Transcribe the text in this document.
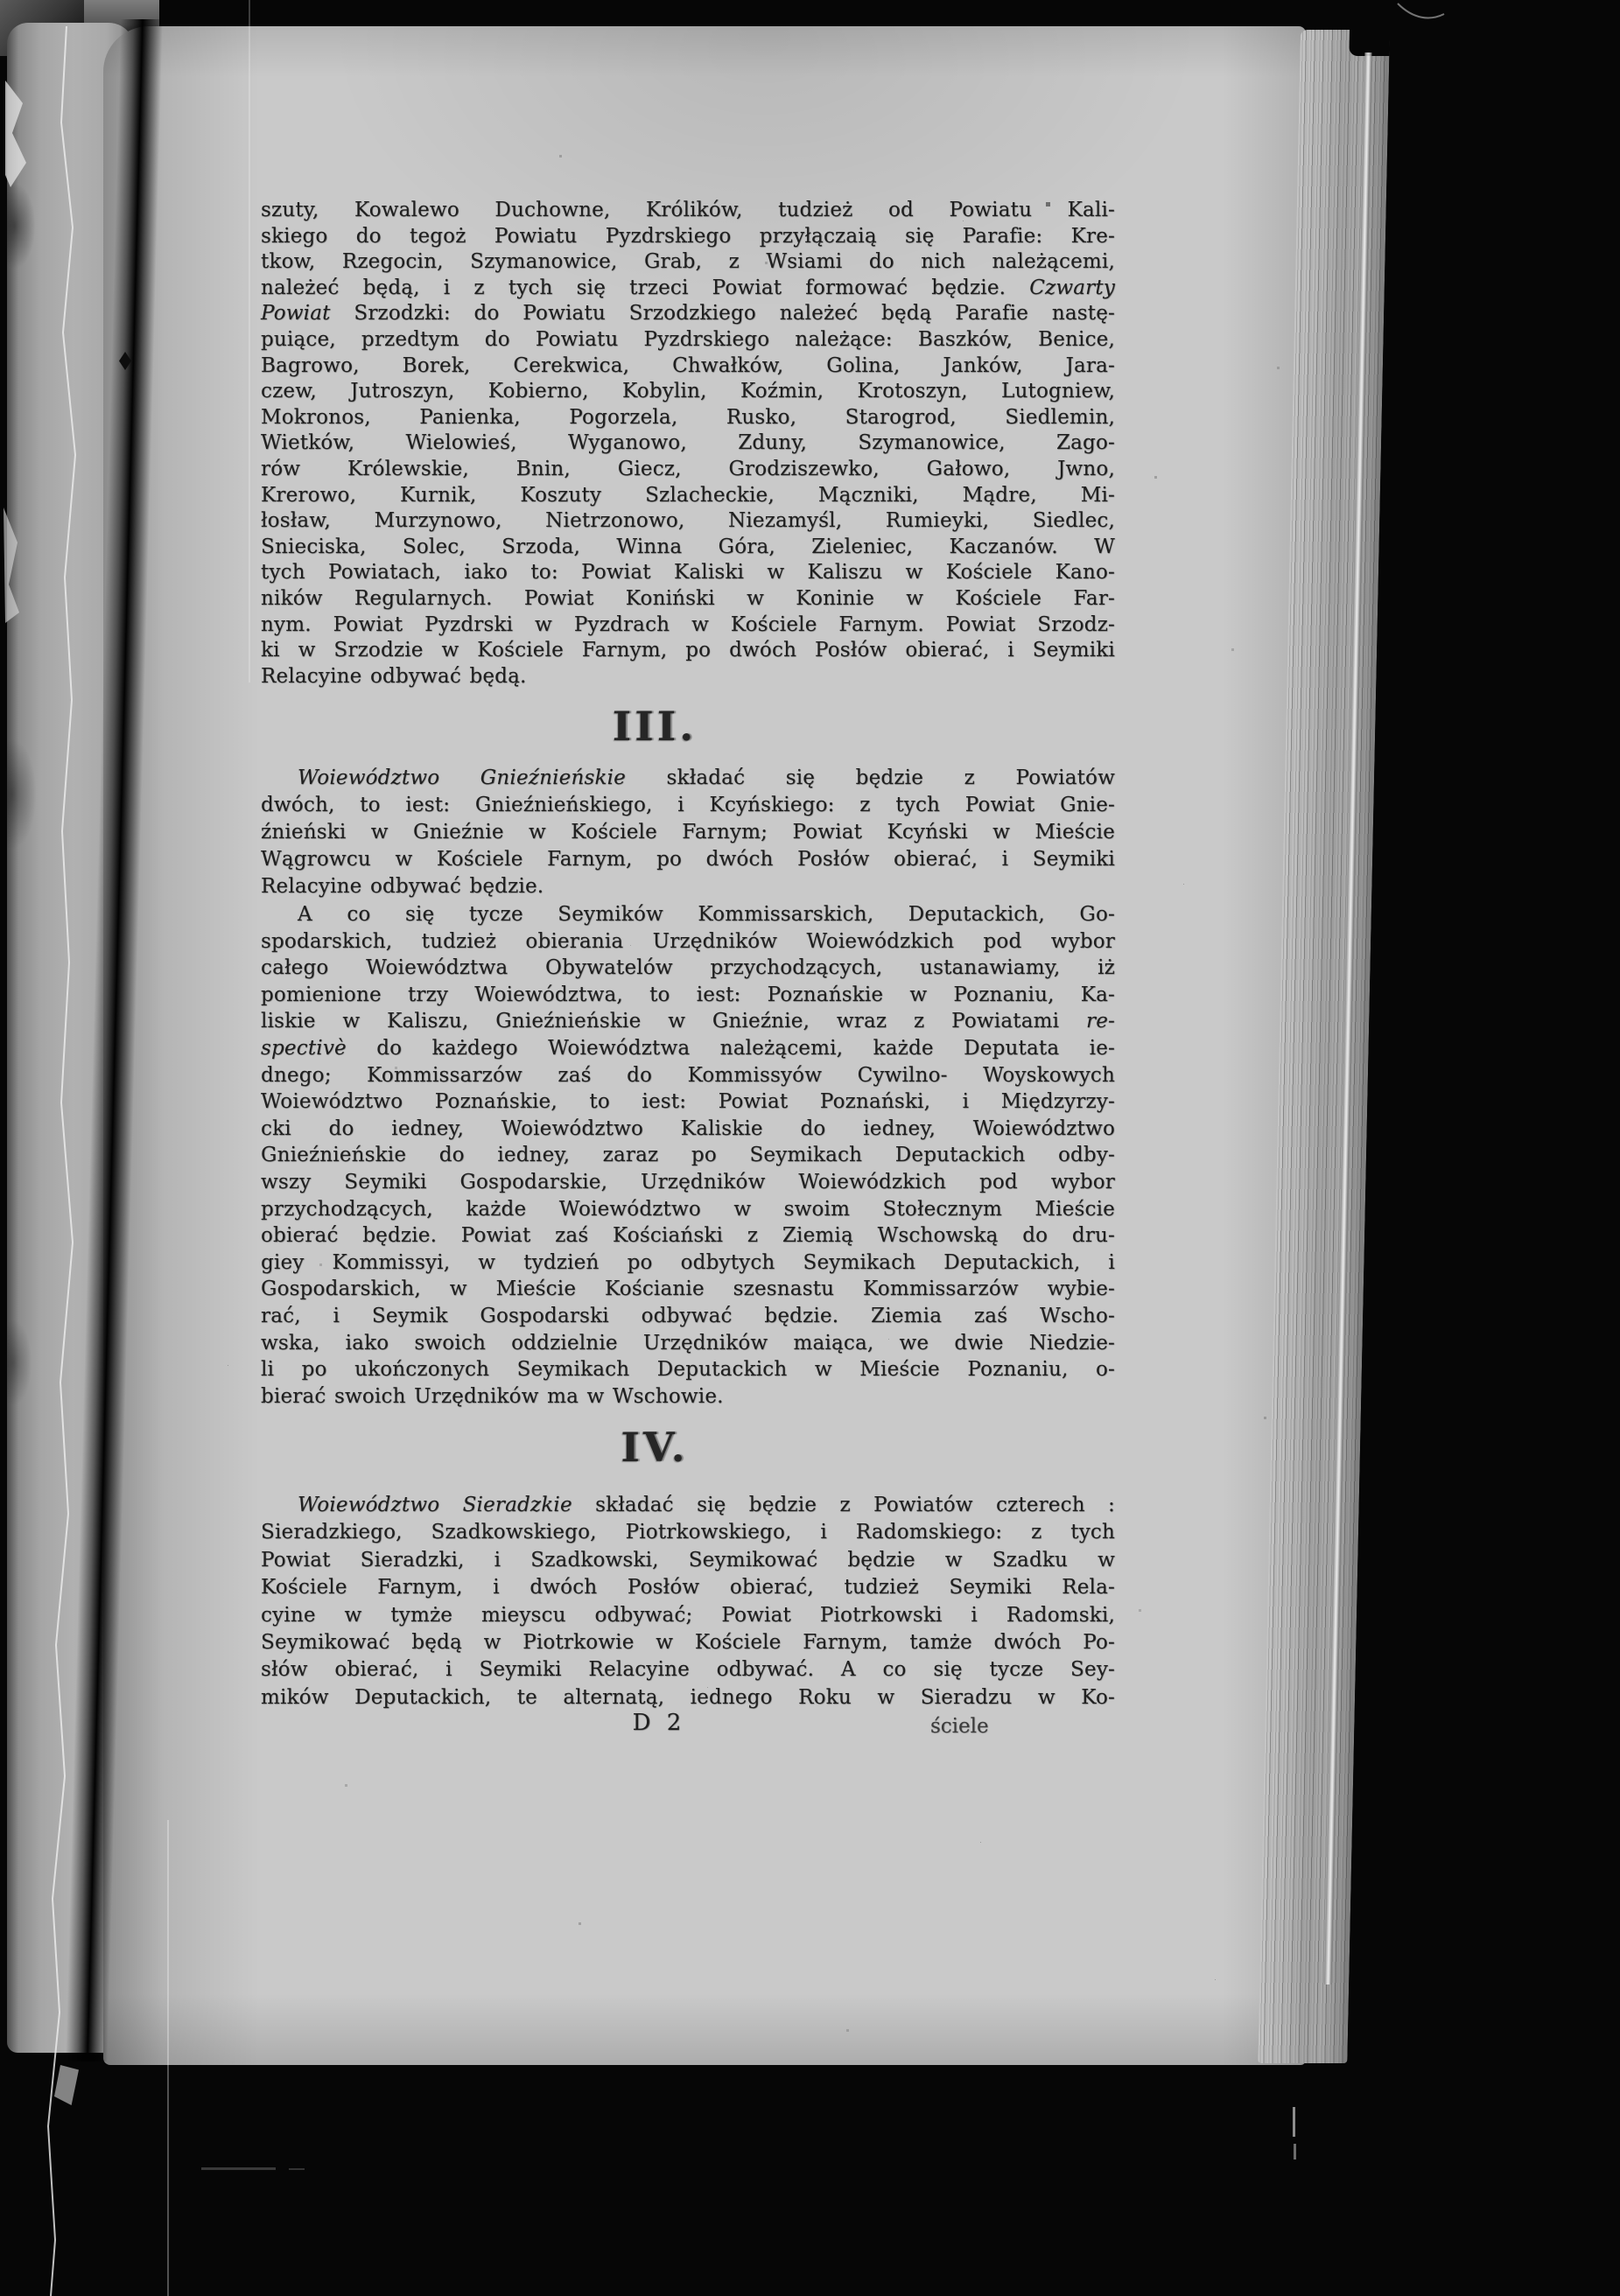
szuty, Kowalewo Duchowne, Królików, tudzież od Powiatu Kali-
skiego do tegoż Powiatu Pyzdrskiego przyłączaią się Parafie: Kre-
tkow, Rzegocin, Szymanowice, Grab, z Wsiami do nich należącemi,
należeć będą, i z tych się trzeci Powiat formować będzie. Czwarty
Powiat Srzodzki: do Powiatu Srzodzkiego należeć będą Parafie nastę-
puiące, przedtym do Powiatu Pyzdrskiego należące: Baszków, Benice,
Bagrowo, Borek, Cerekwica, Chwałków, Golina, Janków, Jara-
czew, Jutroszyn, Kobierno, Kobylin, Koźmin, Krotoszyn, Lutogniew,
Mokronos, Panienka, Pogorzela, Rusko, Starogrod, Siedlemin,
Wietków, Wielowieś, Wyganowo, Zduny, Szymanowice, Zago-
rów Królewskie, Bnin, Giecz, Grodziszewko, Gałowo, Jwno,
Krerowo, Kurnik, Koszuty Szlacheckie, Mączniki, Mądre, Mi-
łosław, Murzynowo, Nietrzonowo, Niezamyśl, Rumieyki, Siedlec,
Snieciska, Solec, Srzoda, Winna Góra, Zieleniec, Kaczanów. W
tych Powiatach, iako to: Powiat Kaliski w Kaliszu w Kościele Kano-
ników Regularnych. Powiat Koniński w Koninie w Kościele Far-
nym. Powiat Pyzdrski w Pyzdrach w Kościele Farnym. Powiat Srzodz-
ki w Srzodzie w Kościele Farnym, po dwóch Posłów obierać, i Seymiki
Relacyine odbywać będą.
III.
Woiewództwo Gnieźnieńskie składać się będzie z Powiatów
dwóch, to iest: Gnieźnieńskiego, i Kcyńskiego: z tych Powiat Gnie-
źnieński w Gnieźnie w Kościele Farnym; Powiat Kcyński w Mieście
Wągrowcu w Kościele Farnym, po dwóch Posłów obierać, i Seymiki
Relacyine odbywać będzie.
A co się tycze Seymików Kommissarskich, Deputackich, Go-
spodarskich, tudzież obierania Urzędników Woiewódzkich pod wybor
całego Woiewództwa Obywatelów przychodzących, ustanawiamy, iż
pomienione trzy Woiewództwa, to iest: Poznańskie w Poznaniu, Ka-
liskie w Kaliszu, Gnieźnieńskie w Gnieźnie, wraz z Powiatami re-
spectivè do każdego Woiewództwa należącemi, każde Deputata ie-
dnego; Kommissarzów zaś do Kommissyów Cywilno- Woyskowych
Woiewództwo Poznańskie, to iest: Powiat Poznański, i Międzyrzy-
cki do iedney, Woiewództwo Kaliskie do iedney, Woiewództwo
Gnieźnieńskie do iedney, zaraz po Seymikach Deputackich odby-
wszy Seymiki Gospodarskie, Urzędników Woiewódzkich pod wybor
przychodzących, każde Woiewództwo w swoim Stołecznym Mieście
obierać będzie. Powiat zaś Kościański z Ziemią Wschowską do dru-
giey Kommissyi, w tydzień po odbytych Seymikach Deputackich, i
Gospodarskich, w Mieście Kościanie szesnastu Kommissarzów wybie-
rać, i Seymik Gospodarski odbywać będzie. Ziemia zaś Wscho-
wska, iako swoich oddzielnie Urzędników maiąca, we dwie Niedzie-
li po ukończonych Seymikach Deputackich w Mieście Poznaniu, o-
bierać swoich Urzędników ma w Wschowie.
IV.
Woiewództwo Sieradzkie składać się będzie z Powiatów czterech :
Sieradzkiego, Szadkowskiego, Piotrkowskiego, i Radomskiego: z tych
Powiat Sieradzki, i Szadkowski, Seymikować będzie w Szadku w
Kościele Farnym, i dwóch Posłów obierać, tudzież Seymiki Rela-
cyine w tymże mieyscu odbywać; Powiat Piotrkowski i Radomski,
Seymikować będą w Piotrkowie w Kościele Farnym, tamże dwóch Po-
słów obierać, i Seymiki Relacyine odbywać. A co się tycze Sey-
mików Deputackich, te alternatą, iednego Roku w Sieradzu w Ko-
D 2	ściele
